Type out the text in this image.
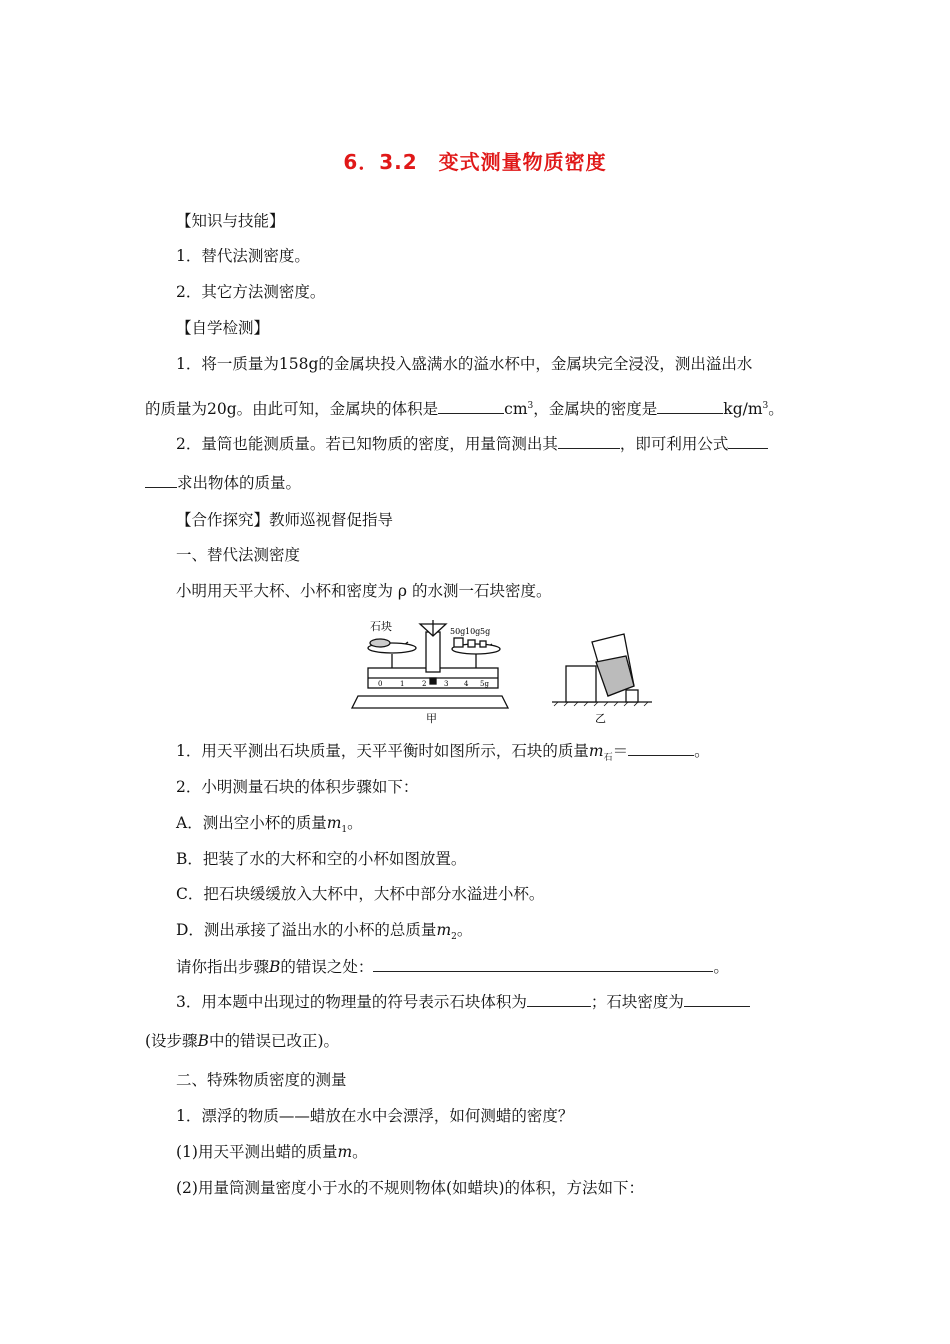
6．3.2　变式测量物质密度
【知识与技能】
1．替代法测密度。
2．其它方法测密度。
【自学检测】
1．将一质量为158g的金属块投入盛满水的溢水杯中，金属块完全浸没，测出溢出水
的质量为20g。由此可知，金属块的体积是	$cm^3$，金属块的密度是	$kg/m^3$。
2．量筒也能测质量。若已知物质的密度，用量筒测出其	，即可利用公式
求出物体的质量。
【合作探究】教师巡视督促指导
一、替代法测密度
小明用天平大杯、小杯和密度为 ρ 的水测一石块密度。
石块	50g 10g 5g
0	1	2	3 4 5g
甲	乙
1．用天平测出石块质量，天平平衡时如图所示，石块的质量$m_石=$	。
2．小明测量石块的体积步骤如下：
A．测出空小杯的质量$m_1$。
B．把装了水的大杯和空的小杯如图放置。
C．把石块缓缓放入大杯中，大杯中部分水溢进小杯。
D．测出承接了溢出水的小杯的总质量$m_2$。
请你指出步骤B的错误之处：	。
3．用本题中出现过的物理量的符号表示石块体积为	；石块密度为
(设步骤B中的错误已改正)。
二、特殊物质密度的测量
1．漂浮的物质——蜡放在水中会漂浮，如何测蜡的密度？
(1)用天平测出蜡的质量m。
(2)用量筒测量密度小于水的不规则物体(如蜡块)的体积，方法如下：
